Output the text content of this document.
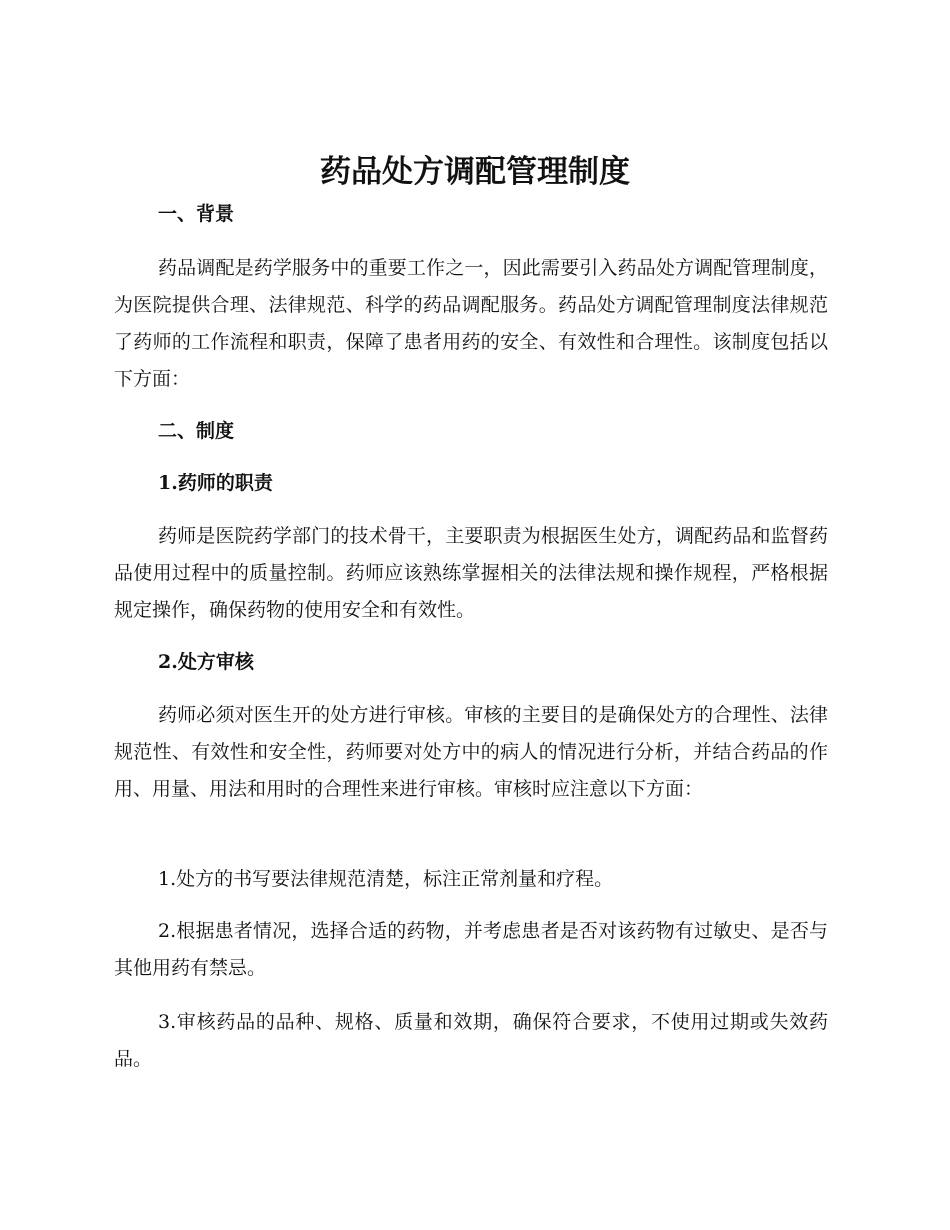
药品处方调配管理制度

一、背景

药品调配是药学服务中的重要工作之一，因此需要引入药品处方调配管理制度，为医院提供合理、法律规范、科学的药品调配服务。药品处方调配管理制度法律规范了药师的工作流程和职责，保障了患者用药的安全、有效性和合理性。该制度包括以下方面：

二、制度

1.药师的职责

药师是医院药学部门的技术骨干，主要职责为根据医生处方，调配药品和监督药品使用过程中的质量控制。药师应该熟练掌握相关的法律法规和操作规程，严格根据规定操作，确保药物的使用安全和有效性。

2.处方审核

药师必须对医生开的处方进行审核。审核的主要目的是确保处方的合理性、法律规范性、有效性和安全性，药师要对处方中的病人的情况进行分析，并结合药品的作用、用量、用法和用时的合理性来进行审核。审核时应注意以下方面：

1.处方的书写要法律规范清楚，标注正常剂量和疗程。

2.根据患者情况，选择合适的药物，并考虑患者是否对该药物有过敏史、是否与其他用药有禁忌。

3.审核药品的品种、规格、质量和效期，确保符合要求，不使用过期或失效药品。
